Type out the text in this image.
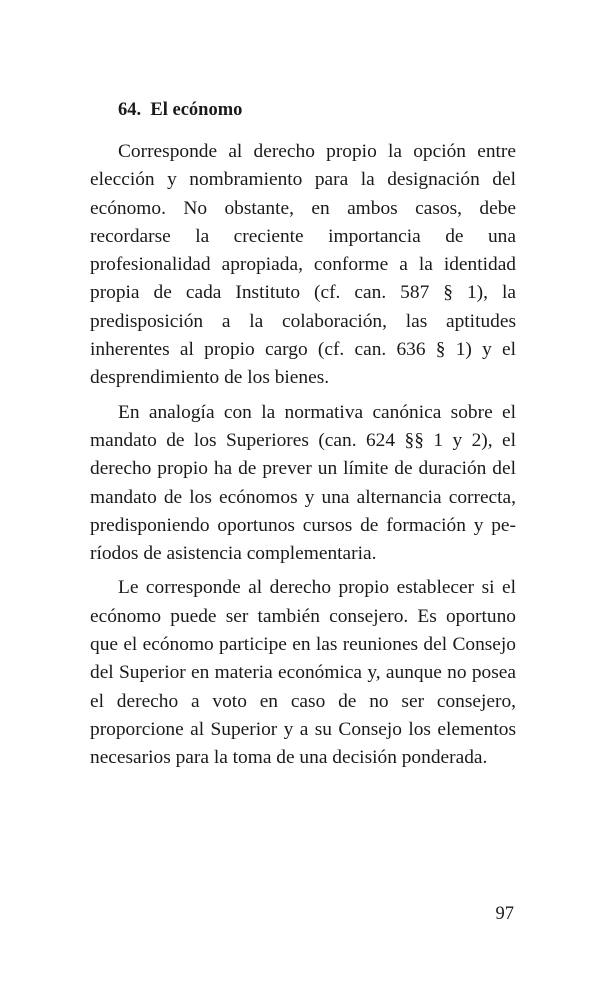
64. El ecónomo

Corresponde al derecho propio la opción entre elección y nombramiento para la designación del ecónomo. No obstante, en ambos casos, debe recordarse la creciente importancia de una profesionalidad apropiada, conforme a la identidad propia de cada Instituto (cf. can. 587 § 1), la predisposición a la colaboración, las aptitudes inherentes al propio cargo (cf. can. 636 § 1) y el desprendimiento de los bienes.

En analogía con la normativa canónica sobre el mandato de los Superiores (can. 624 §§ 1 y 2), el derecho propio ha de prever un límite de duración del mandato de los ecónomos y una alternancia correcta, predisponiendo oportunos cursos de formación y períodos de asistencia complementaria.

Le corresponde al derecho propio establecer si el ecónomo puede ser también consejero. Es oportuno que el ecónomo participe en las reuniones del Consejo del Superior en materia económica y, aunque no posea el derecho a voto en caso de no ser consejero, proporcione al Superior y a su Consejo los elementos necesarios para la toma de una decisión ponderada.

97
